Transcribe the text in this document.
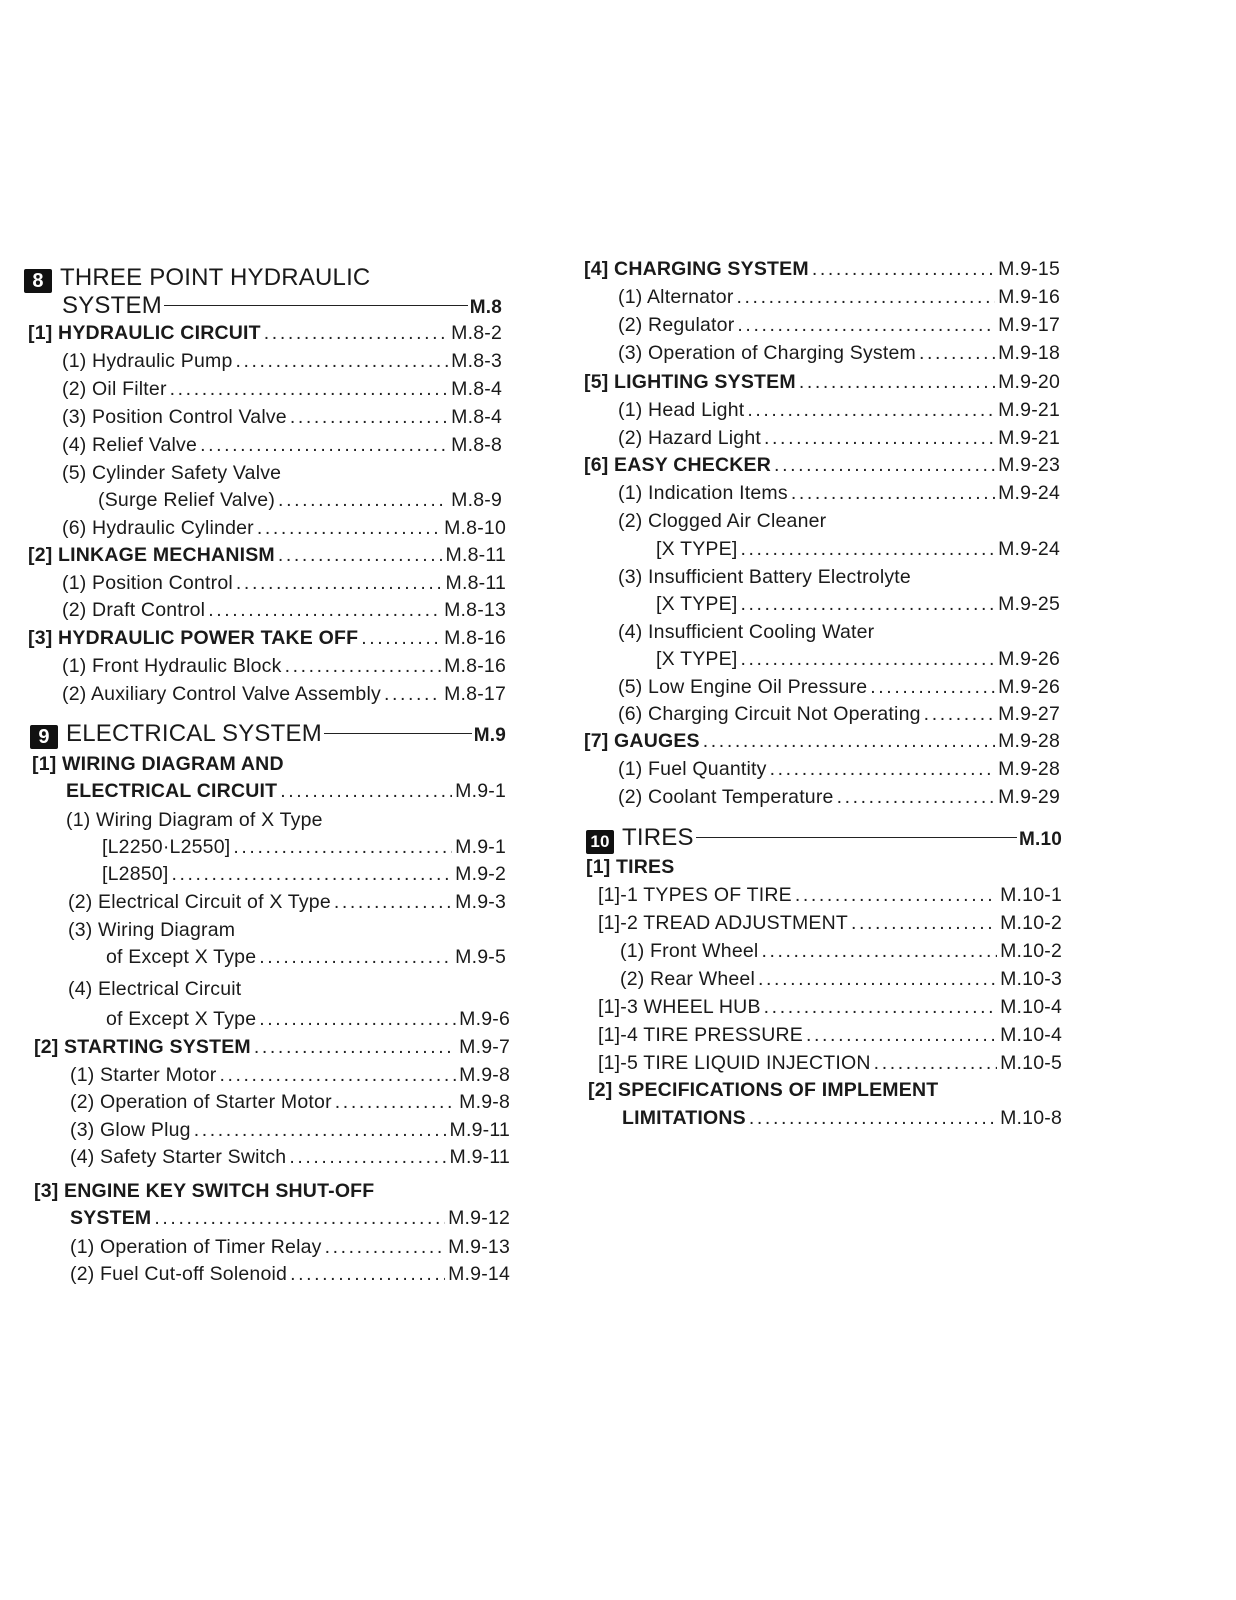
8 THREE POINT HYDRAULIC
SYSTEM	M.8
[1] HYDRAULIC CIRCUIT .....	M.8-2
(1) Hydraulic Pump .....	M.8-3
(2) Oil Filter .....	M.8-4
(3) Position Control Valve .....	M.8-4
(4) Relief Valve .....	M.8-8
(5) Cylinder Safety Valve
(Surge Relief Valve) .....	M.8-9
(6) Hydraulic Cylinder .....	M.8-10
[2] LINKAGE MECHANISM .....	M.8-11
(1) Position Control .....	M.8-11
(2) Draft Control .....	M.8-13
[3] HYDRAULIC POWER TAKE OFF .....	M.8-16
(1) Front Hydraulic Block .....	M.8-16
(2) Auxiliary Control Valve Assembly .....	M.8-17
9 ELECTRICAL SYSTEM	M.9
[1] WIRING DIAGRAM AND
ELECTRICAL CIRCUIT .....	M.9-1
(1) Wiring Diagram of X Type
[L2250·L2550] .....	M.9-1
[L2850] .....	M.9-2
(2) Electrical Circuit of X Type .....	M.9-3
(3) Wiring Diagram
of Except X Type .....	M.9-5
(4) Electrical Circuit
of Except X Type .....	M.9-6
[2] STARTING SYSTEM .....	M.9-7
(1) Starter Motor .....	M.9-8
(2) Operation of Starter Motor .....	M.9-8
(3) Glow Plug .....	M.9-11
(4) Safety Starter Switch .....	M.9-11
[3] ENGINE KEY SWITCH SHUT-OFF
SYSTEM .....	M.9-12
(1) Operation of Timer Relay .....	M.9-13
(2) Fuel Cut-off Solenoid .....	M.9-14
[4] CHARGING SYSTEM .....	M.9-15
(1) Alternator .....	M.9-16
(2) Regulator .....	M.9-17
(3) Operation of Charging System .....	M.9-18
[5] LIGHTING SYSTEM .....	M.9-20
(1) Head Light .....	M.9-21
(2) Hazard Light .....	M.9-21
[6] EASY CHECKER .....	M.9-23
(1) Indication Items .....	M.9-24
(2) Clogged Air Cleaner
[X TYPE] .....	M.9-24
(3) Insufficient Battery Electrolyte
[X TYPE] .....	M.9-25
(4) Insufficient Cooling Water
[X TYPE] .....	M.9-26
(5) Low Engine Oil Pressure .....	M.9-26
(6) Charging Circuit Not Operating .....	M.9-27
[7] GAUGES .....	M.9-28
(1) Fuel Quantity .....	M.9-28
(2) Coolant Temperature .....	M.9-29
10 TIRES	M.10
[1] TIRES
[1]-1 TYPES OF TIRE .....	M.10-1
[1]-2 TREAD ADJUSTMENT .....	M.10-2
(1) Front Wheel .....	M.10-2
(2) Rear Wheel .....	M.10-3
[1]-3 WHEEL HUB .....	M.10-4
[1]-4 TIRE PRESSURE .....	M.10-4
[1]-5 TIRE LIQUID INJECTION .....	M.10-5
[2] SPECIFICATIONS OF IMPLEMENT
LIMITATIONS .....	M.10-8
